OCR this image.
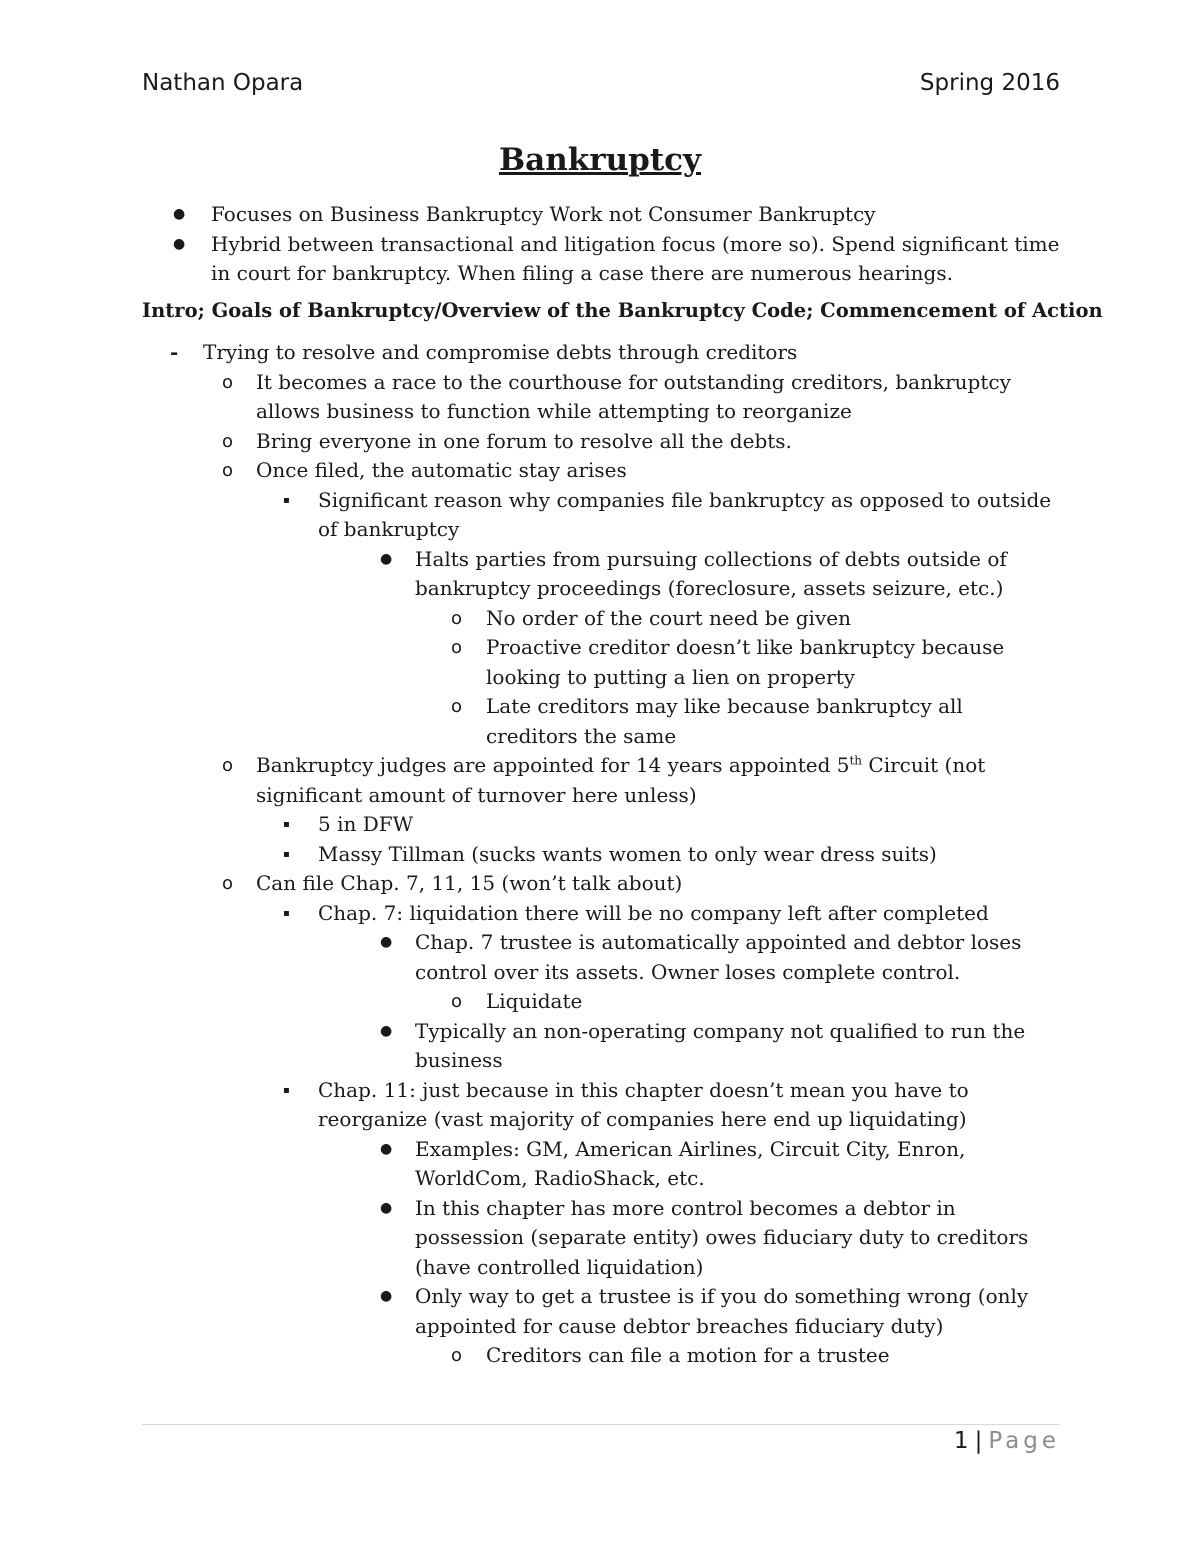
Nathan Opara	Spring 2016
Bankruptcy
● Focuses on Business Bankruptcy Work not Consumer Bankruptcy
● Hybrid between transactional and litigation focus (more so). Spend significant time in court for bankruptcy. When filing a case there are numerous hearings.
Intro; Goals of Bankruptcy/Overview of the Bankruptcy Code; Commencement of Action
- Trying to resolve and compromise debts through creditors
o It becomes a race to the courthouse for outstanding creditors, bankruptcy allows business to function while attempting to reorganize
o Bring everyone in one forum to resolve all the debts.
o Once filed, the automatic stay arises
▪ Significant reason why companies file bankruptcy as opposed to outside of bankruptcy
● Halts parties from pursuing collections of debts outside of bankruptcy proceedings (foreclosure, assets seizure, etc.)
o No order of the court need be given
o Proactive creditor doesn’t like bankruptcy because looking to putting a lien on property
o Late creditors may like because bankruptcy all creditors the same
o Bankruptcy judges are appointed for 14 years appointed 5th Circuit (not significant amount of turnover here unless)
▪ 5 in DFW
▪ Massy Tillman (sucks wants women to only wear dress suits)
o Can file Chap. 7, 11, 15 (won’t talk about)
▪ Chap. 7: liquidation there will be no company left after completed
● Chap. 7 trustee is automatically appointed and debtor loses control over its assets. Owner loses complete control.
o Liquidate
● Typically an non-operating company not qualified to run the business
▪ Chap. 11: just because in this chapter doesn’t mean you have to reorganize (vast majority of companies here end up liquidating)
● Examples: GM, American Airlines, Circuit City, Enron, WorldCom, RadioShack, etc.
● In this chapter has more control becomes a debtor in possession (separate entity) owes fiduciary duty to creditors (have controlled liquidation)
● Only way to get a trustee is if you do something wrong (only appointed for cause debtor breaches fiduciary duty)
o Creditors can file a motion for a trustee
1 | Page
